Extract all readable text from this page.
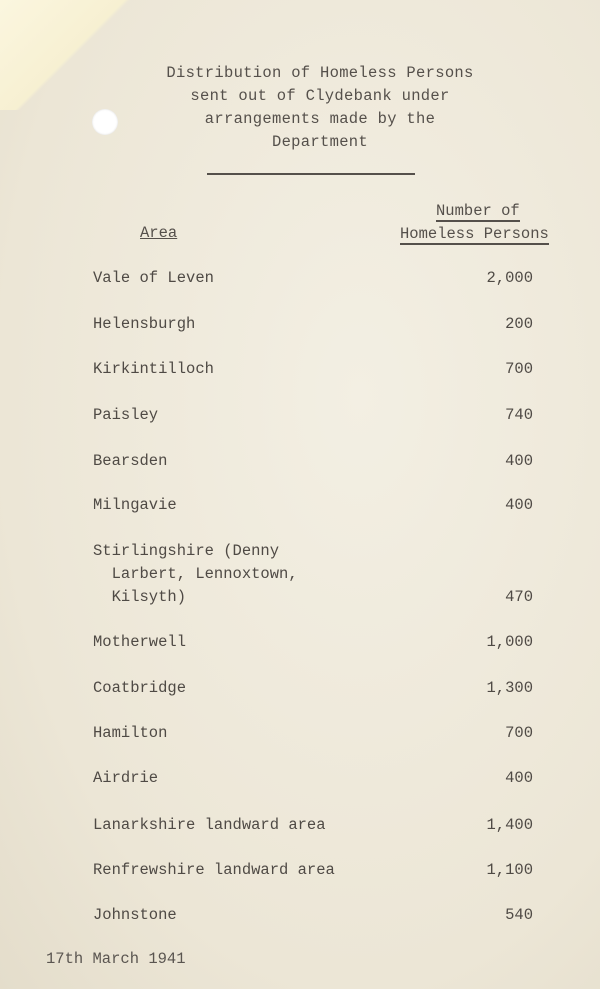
Distribution of Homeless Persons
sent out of Clydebank under
arrangements made by the
Department
Area
Number of
Homeless Persons
Vale of Leven	2,000
Helensburgh	200
Kirkintilloch	700
Paisley	740
Bearsden	400
Milngavie	400
Stirlingshire (Denny
Larbert, Lennoxtown,
Kilsyth)	470
Motherwell	1,000
Coatbridge	1,300
Hamilton	700
Airdrie	400
Lanarkshire landward area	1,400
Renfrewshire landward area	1,100
Johnstone	540
17th March 1941
